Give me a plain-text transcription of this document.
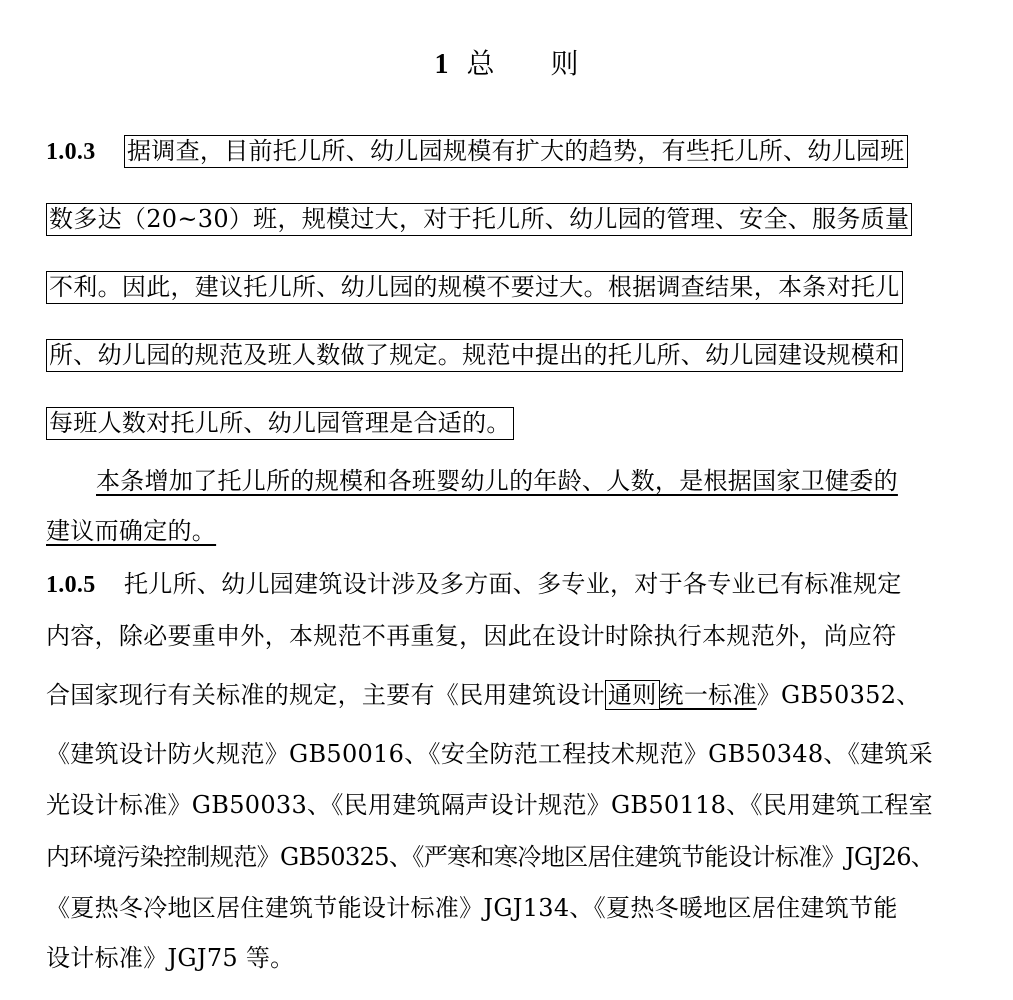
1 总 则
1.0.3 据调查，目前托儿所、幼儿园规模有扩大的趋势，有些托儿所、幼儿园班
数多达（20~30）班，规模过大，对于托儿所、幼儿园的管理、安全、服务质量
不利。因此，建议托儿所、幼儿园的规模不要过大。根据调查结果，本条对托儿
所、幼儿园的规范及班人数做了规定。规范中提出的托儿所、幼儿园建设规模和
每班人数对托儿所、幼儿园管理是合适的。
本条增加了托儿所的规模和各班婴幼儿的年龄、人数，是根据国家卫健委的
建议而确定的。
1.0.5 托儿所、幼儿园建筑设计涉及多方面、多专业，对于各专业已有标准规定
内容，除必要重申外，本规范不再重复，因此在设计时除执行本规范外，尚应符
合国家现行有关标准的规定，主要有《民用建筑设计 通则 统一标准》GB50352、
《建筑设计防火规范》GB50016、《安全防范工程技术规范》GB50348、《建筑采
光设计标准》GB50033、《民用建筑隔声设计规范》GB50118、《民用建筑工程室
内环境污染控制规范》GB50325、《严寒和寒冷地区居住建筑节能设计标准》JGJ26、
《夏热冬冷地区居住建筑节能设计标准》JGJ134、《夏热冬暖地区居住建筑节能
设计标准》JGJ75 等。
